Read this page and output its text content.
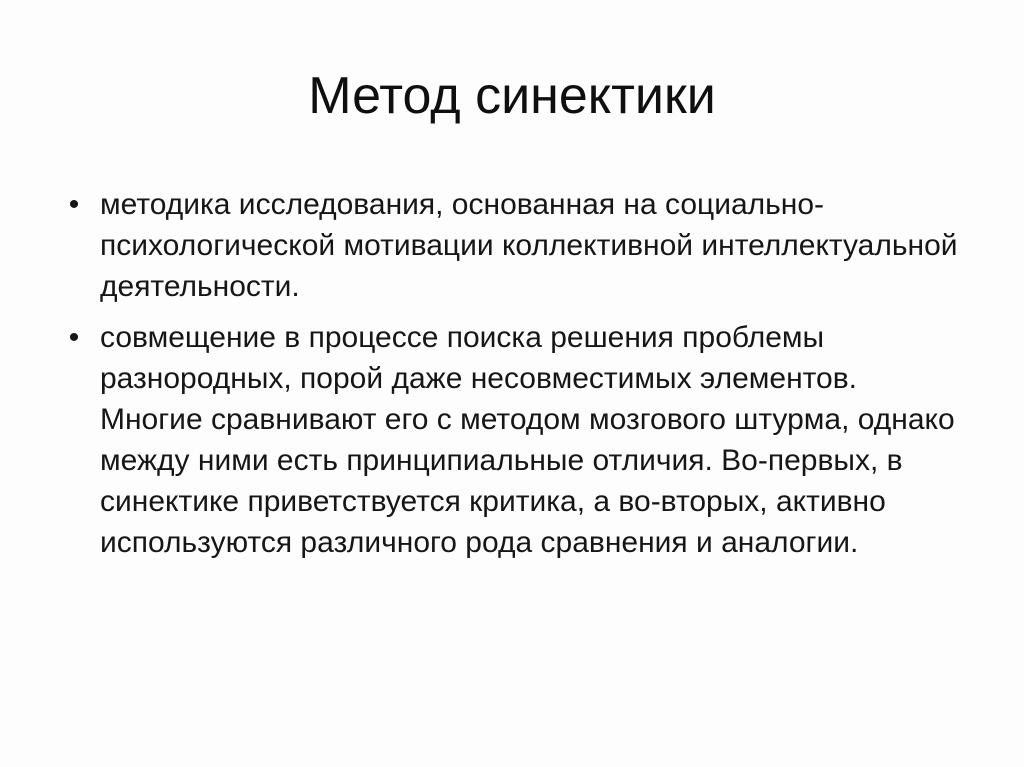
Метод синектики
• методика исследования, основанная на социально-психологической мотивации коллективной интеллектуальной деятельности.
• совмещение в процессе поиска решения проблемы разнородных, порой даже несовместимых элементов. Многие сравнивают его с методом мозгового штурма, однако между ними есть принципиальные отличия. Во-первых, в синектике приветствуется критика, а во-вторых, активно используются различного рода сравнения и аналогии.
